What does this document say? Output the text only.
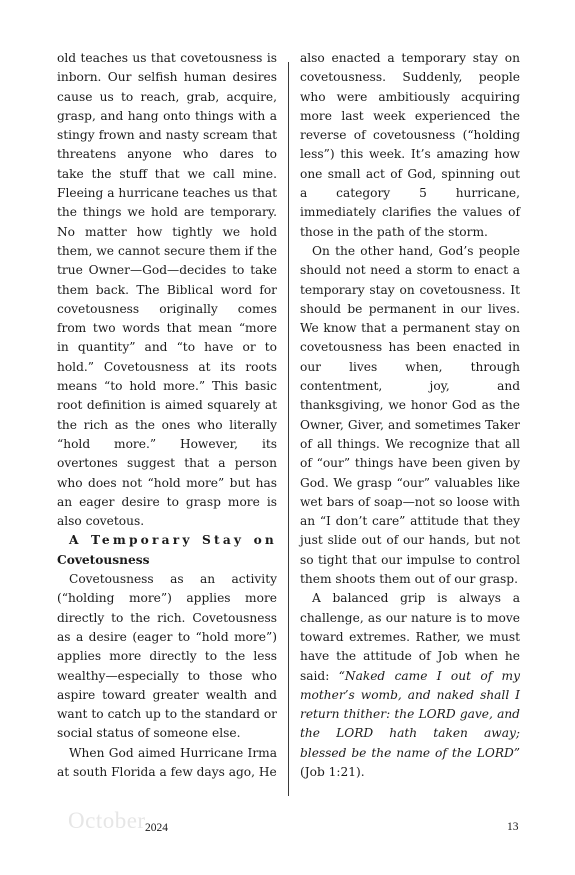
old teaches us that covetousness is inborn. Our selfish human desires cause us to reach, grab, acquire, grasp, and hang onto things with a stingy frown and nasty scream that threatens anyone who dares to take the stuff that we call mine. Fleeing a hurricane teaches us that the things we hold are temporary. No matter how tightly we hold them, we cannot secure them if the true Owner—God—decides to take them back. The Biblical word for covetousness originally comes from two words that mean “more in quantity” and “to have or to hold.” Covetousness at its roots means “to hold more.” This basic root definition is aimed squarely at the rich as the ones who literally “hold more.” However, its overtones suggest that a person who does not “hold more” but has an eager desire to grasp more is also covetous.

A Temporary Stay on
Covetousness

Covetousness as an activity (“holding more”) applies more directly to the rich. Covetousness as a desire (eager to “hold more”) applies more directly to the less wealthy—especially to those who aspire toward greater wealth and want to catch up to the standard or social status of someone else.

When God aimed Hurricane Irma at south Florida a few days ago, He

also enacted a temporary stay on covetousness. Suddenly, people who were ambitiously acquiring more last week experienced the reverse of covetousness (“holding less”) this week. It’s amazing how one small act of God, spinning out a category 5 hurricane, immediately clarifies the values of those in the path of the storm.

On the other hand, God’s people should not need a storm to enact a temporary stay on covetousness. It should be permanent in our lives. We know that a permanent stay on covetousness has been enacted in our lives when, through contentment, joy, and thanksgiving, we honor God as the Owner, Giver, and sometimes Taker of all things. We recognize that all of “our” things have been given by God. We grasp “our” valuables like wet bars of soap—not so loose with an “I don’t care” attitude that they just slide out of our hands, but not so tight that our impulse to control them shoots them out of our grasp.

A balanced grip is always a challenge, as our nature is to move toward extremes. Rather, we must have the attitude of Job when he said: “Naked came I out of my mother’s womb, and naked shall I return thither: the LORD gave, and the LORD hath taken away; blessed be the name of the LORD” (Job 1:21).

October 2024	13
